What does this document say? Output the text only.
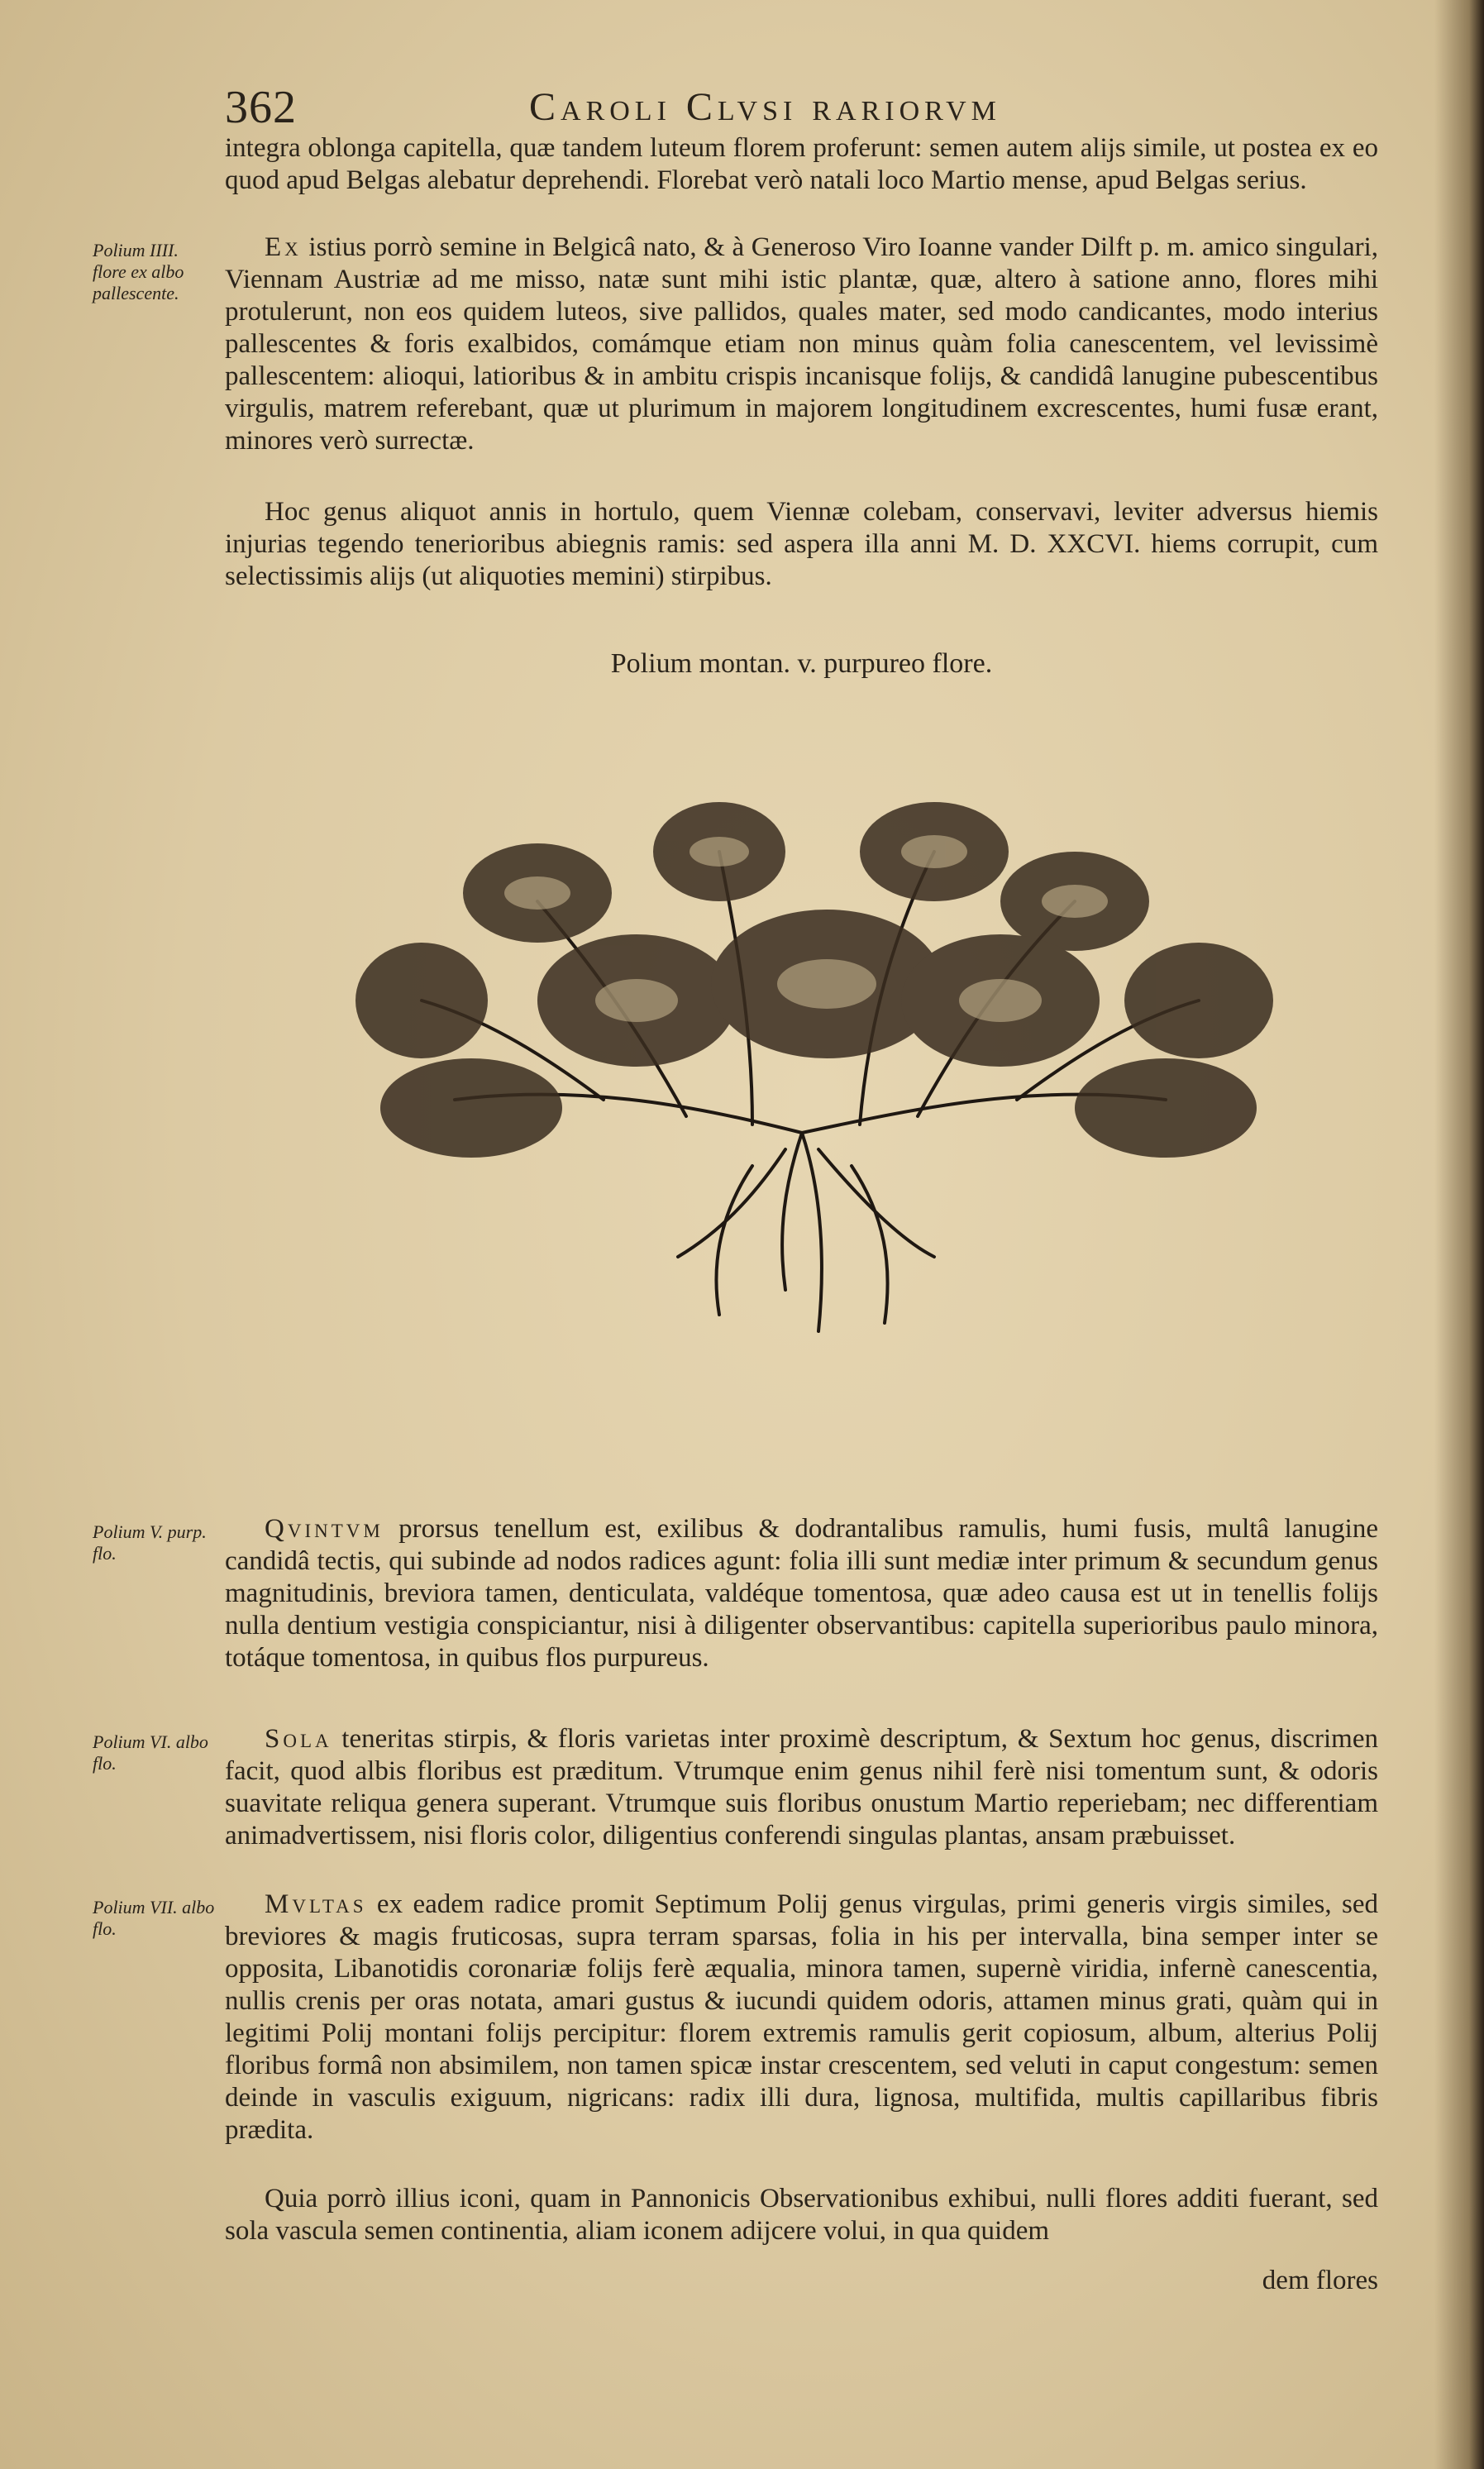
362	Caroli Clvsi rariorvm

integra oblonga capitella, quæ tandem luteum florem proferunt: semen autem alijs simile, ut postea ex eo quod apud Belgas alebatur deprehendi. Florebat verò natali loco Martio mense, apud Belgas serius.

Polium IIII. flore ex albo pallescente.

Ex istius porrò semine in Belgicâ nato, & à Generoso Viro Ioanne vander Dilft p. m. amico singulari, Viennam Austriæ ad me misso, natæ sunt mihi istic plantæ, quæ, altero à satione anno, flores mihi protulerunt, non eos quidem luteos, sive pallidos, quales mater, sed modo candicantes, modo interius pallescentes & foris exalbidos, comámque etiam non minus quàm folia canescentem, vel levissimè pallescentem: alioqui, latioribus & in ambitu crispis incanisque folijs, & candidâ lanugine pubescentibus virgulis, matrem referebant, quæ ut plurimum in majorem longitudinem excrescentes, humi fusæ erant, minores verò surrectæ.

Hoc genus aliquot annis in hortulo, quem Viennæ colebam, conservavi, leviter adversus hiemis injurias tegendo tenerioribus abiegnis ramis: sed aspera illa anni M. D. XXCVI. hiems corrupit, cum selectissimis alijs (ut aliquoties memini) stirpibus.

Polium montan. v. purpureo flore.
Polium V. purp. flo.

Qvintvm prorsus tenellum est, exilibus & dodrantalibus ramulis, humi fusis, multâ lanugine candidâ tectis, qui subinde ad nodos radices agunt: folia illi sunt mediæ inter primum & secundum genus magnitudinis, breviora tamen, denticulata, valdéque tomentosa, quæ adeo causa est ut in tenellis folijs nulla dentium vestigia conspiciantur, nisi à diligenter observantibus: capitella superioribus paulo minora, totáque tomentosa, in quibus flos purpureus.

Polium VI. albo flo.

Sola teneritas stirpis, & floris varietas inter proximè descriptum, & Sextum hoc genus, discrimen facit, quod albis floribus est præditum. Vtrumque enim genus nihil ferè nisi tomentum sunt, & odoris suavitate reliqua genera superant. Vtrumque suis floribus onustum Martio reperiebam; nec differentiam animadvertissem, nisi floris color, diligentius conferendi singulas plantas, ansam præbuisset.

Polium VII. albo flo.

Mvltas ex eadem radice promit Septimum Polij genus virgulas, primi generis virgis similes, sed breviores & magis fruticosas, supra terram sparsas, folia in his per intervalla, bina semper inter se opposita, Libanotidis coronariæ folijs ferè æqualia, minora tamen, supernè viridia, infernè canescentia, nullis crenis per oras notata, amari gustus & iucundi quidem odoris, attamen minus grati, quàm qui in legitimi Polij montani folijs percipitur: florem extremis ramulis gerit copiosum, album, alterius Polij floribus formâ non absimilem, non tamen spicæ instar crescentem, sed veluti in caput congestum: semen deinde in vasculis exiguum, nigricans: radix illi dura, lignosa, multifida, multis capillaribus fibris prædita.

Quia porrò illius iconi, quam in Pannonicis Observationibus exhibui, nulli flores additi fuerant, sed sola vascula semen continentia, aliam iconem adijcere volui, in qua quidem

dem flores
